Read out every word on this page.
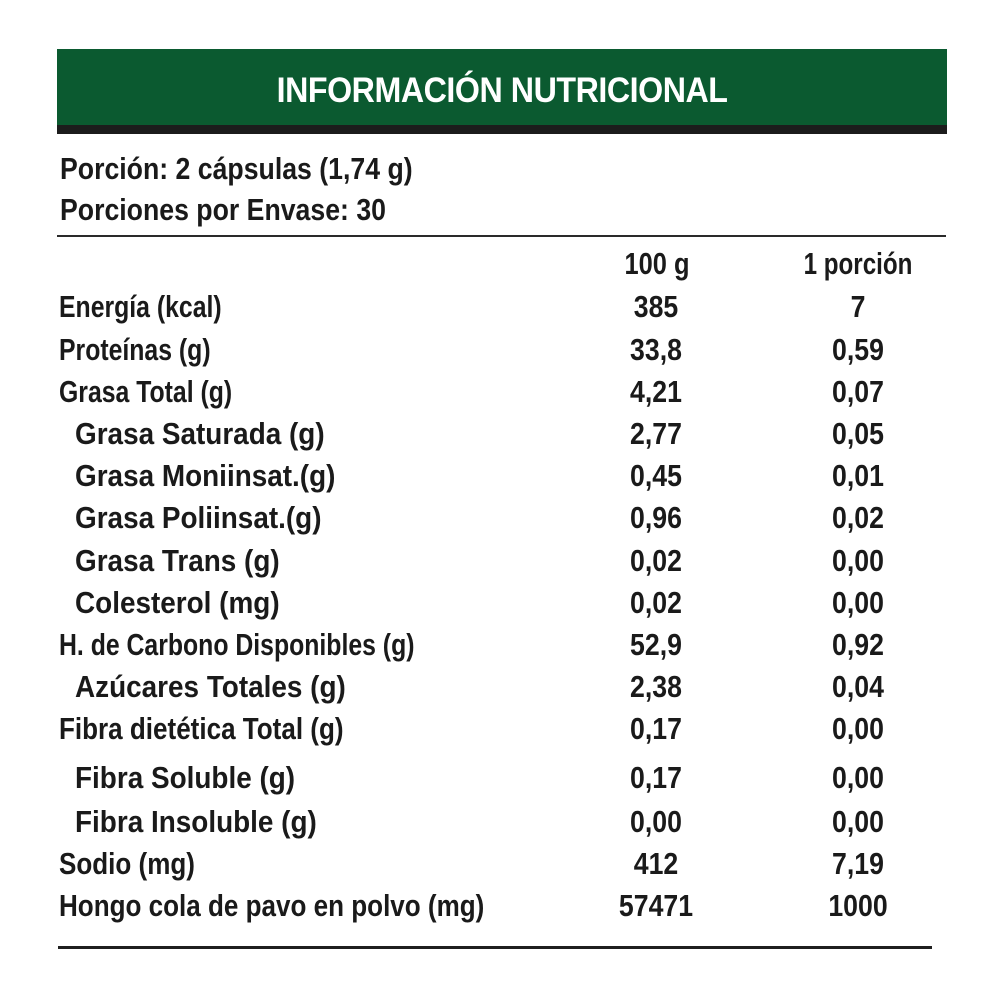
INFORMACIÓN NUTRICIONAL
Porción: 2 cápsulas (1,74 g)
Porciones por Envase: 30
100 g	1 porción
Energía (kcal)	385	7
Proteínas (g)	33,8	0,59
Grasa Total (g)	4,21	0,07
Grasa Saturada (g)	2,77	0,05
Grasa Moniinsat.(g)	0,45	0,01
Grasa Poliinsat.(g)	0,96	0,02
Grasa Trans (g)	0,02	0,00
Colesterol (mg)	0,02	0,00
H. de Carbono Disponibles (g)	52,9	0,92
Azúcares Totales (g)	2,38	0,04
Fibra dietética Total (g)	0,17	0,00
Fibra Soluble (g)	0,17	0,00
Fibra Insoluble (g)	0,00	0,00
Sodio (mg)	412	7,19
Hongo cola de pavo en polvo (mg)	57471	1000
